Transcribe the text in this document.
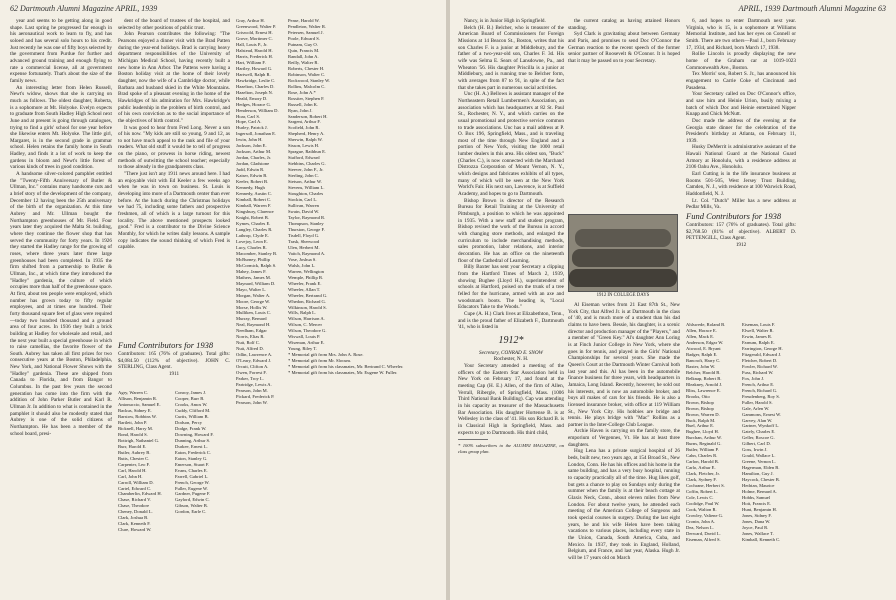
62 Dartmouth Alumni Magazine APRIL, 1939

year and seems to be getting along in good shape. Last spring he progressed far enough in his aeronautical work to learn to fly, and has soloed and has several solo hours to his credit. Just recently he was one of fifty boys selected by the government from Purdue for further and advanced ground training and enough flying to rate a commercial license, all at government expense fortunately. That's about the size of the family news.

An interesting letter from Helen Russell, Newt's widow, shows that she is carrying on much as follows. The oldest daughter, Roberta, is a sophomore at Mt. Holyoke. Evelyn expects to graduate from South Hadley High School next June and at present is going through catalogues, trying to find a girls' school for one year before she likewise enters Mt. Holyoke. The little girl, Margaret, is in the second grade in grammar school. Helen retains the family home in South Hadley, and finds it a lot of work to keep the gardens in bloom and Newt's little forest of various kinds of trees in good condition.

A handsome silver-colored pamphlet entitled the "Twenty-Fifth Anniversary of Butler & Ullman, Inc." contains many handsome cuts and a brief story of the development of the company, December 12 having been the 25th anniversary of the birth of the organization. At this time Aubrey and Mr. Ullman bought the Northampton greenhouses of Mr. Field. Four years later they acquired the Malta St. building, where they continue the flower shop that has served the community for forty years. In 1926 they started the Hadley range for the growing of roses, where three years later three large greenhouses had been completed. In 1935 the firm shifted from a partnership to Butler & Ullman, Inc., at which time they introduced the "Hadley" gardenia, the culture of which occupies more than half of the greenhouse space. At first, about ten people were employed, which number has grown today to fifty regular employees, and at times one hundred. Their forty thousand square feet of glass were required—today two hundred thousand and a ground area of four acres. In 1936 they built a brick building at Hadley for wholesale and retail, and the next year built a special greenhouse in which to raise camellias, the favorite flower of the South. Aubrey has taken all first prizes for two consecutive years at the Boston, Philadelphia, New York, and National Flower Shows with the "Hadley" gardenia. These are shipped from Canada to Florida, and from Bangor to Columbus. In the past few years the second generation has come into the firm with the addition of John Parker Butler and Karl R. Ullman Jr. In addition to what is contained in the pamphlet it should also be modestly stated that Aubrey is one of the solid citizens of Northampton. He has been a member of the school board, presi-

dent of the board of trustees of the hospital, and selected by other positions of public trust.

John Pearson contributes the following: "The Pearsons enjoyed a dinner visit with the Brad Patten during the year-end holidays. Brad is carrying heavy department responsibilities of the University of Michigan Medical School, having recently built a new home in Ann Arbor. The Pattens were having a Boston holiday visit at the home of their lovely daughter, now the wife of a Cambridge doctor, while Barbara and husband skied in the White Mountains. Brad spoke of a pleasant evening in the home of the Hawkridges of his admiration for Mrs. Hawkridge's public leadership in the problem of birth control, and of his own conviction as to the social importance of the objectives of birth control."

It was good to hear from Fred Long. Never a son of his now. "My kids are still so young, 9 and 12, as to not have much appeal to the rank and file of your readers. What old stuff it would be to tell of progress on the piano, or prowess in horse riding, newest methods of outwitting the school teacher; especially to those already in the grandparents class.

"There just isn't any 1911 news around here. I had an enjoyable visit with Ed Keeler a few weeks ago when he was in town on business. St. Louis is developing into more of a Dartmouth center than ever before. At the lunch during the Christmas holidays we had 75, including some fathers and prospective freshmen, all of which is a large turnout for this locality. The above mentioned prospects looked good." Fred is a contributor to the Divine Science Monthly, for which he writes daily lessons. A sample copy indicates the sound thinking of which Fred is capable.

Fund Contributors for 1938

Contributors: 165 (76% of graduates). Total gifts: $4,084.50 (112% of objective). JOHN C. STERLING, Class Agent.

1911

Agry, Warren C.
Allison, Benjamin R.
Antonuccio, Samuel E.
Backus, Sidney E.
Barstow, Robbins W.
Bartlett, John P.
Bicknell, Harry M.
Bond, Harold S.
Bottrigh, Nathaniel G.
Burr, Harold E.
Butler, Aubrey B.
Butts, Chester C.
Carpenter, Leo F.
Carl, Harold H.
Carl, John H.
Carroll, William D.
Cartel, Edward C.
Chamberlin, Edward H.
Chase, Richard V.
Chase, Theodore
Cheney, Donald L.
Clark, Joshua B.
Clark, Kenneth F.
Clure, Howard W.
Conroy, James J.
Cooper, Burr B.
Crooks, Amos W.
Cuddy, Clifford M.
Curtis, William B.
Dodson, Percy
Dodge, Frank W.
Downing, Howard F.
Dunning, Arthur S.
Durkee, Ernest L.
Eaton, Frederick C.
Eaton, Stanley G.
Emerson, Stuart F.
Evans, Charles E.
Farrell, Gabriel L.
French, George W.
Fuller, Eugene W.
Gardner, Pugene F.
Gaylord, Edwin C.
Gibson, Walter B.
Gordon, Earle C.
Gray, Arthur H.
Greenwood, Walter P.
Griswold, Ernest H.
Grove, Mortimer C.
Hall, Louis P., Jr.
Halstead, Harold H.
Harris, Frederick H.
Hart, William F.
Hartley, Howard G.
Hartwell, Ralph R.
Hawkridge, Leslie C.
Hazelton, Charles D.
Hazelton, Joseph N.
Heald, Emory D.
Hedges, Horace G.
Henderson, William D.
Hoar, Carl S.
Hope, Carl A.
Hurley, Patrick J.
Ingersoll, Jonathan E.
Irwin, John H.
Jackson, John E.
Jackson, Arthur M.
Jordan, Charles, Jr.
Jordan, Gladstone
Judd, Edwin R.
Kaiser, Edwin B.
Keeler, Robert B.
Kennedy, Hugh
Kennedy, Austin C.
Kimball, Robert C.
Kimball, Warren F.
Kingsbury, Clarence
Knight, Robert B.
Kymes, Charles E.
Langley, Charles R.
Lathrop, Clyde E.
Lovejoy, Leon E.
Lucy, Charles R.
Macomber, Stanley B.
McBurney, Phillip
McCormick, Ralph S.
Mahey, James F.
Mathers, James M.
Maynard, William D.
Mayo, Walter L.
Morgan, Walter A.
Moore, George W.
Morse, Hollis W.
Mulliken, Louis C.
Murray, Bernard
Neal, Raymond H.
Needham, Edgar
Norris, Elias R.
Nutt, Rolf C.
Nutt, Alfred D.
Odlin, Lawrence A.
O'Leary, Edward J.
Orcutt, Clifton A.
Owen, Forrest F.
Parker, Troy L.
Partridge, Lewis A.
Pearson, John M.
Pickard, Frederick P.
Pearson, John W.
Pease, Harold W.
Pendleton, Walter R.
Petersen, Samuel J.
Poole, Edward S.
Putnam, Guy O.
Quin, Francis M.
Randall, John A.
Reilly, Walter R.
Roberts, Chester H.
Robinson, Walter C.
Rockwood, Stanley W.
Rollins, Malcolm C.
Rose, John A.*
Rossiter, Stephen F.
Russell, John K.
Ryan, John J.
Sanderson, Robert H.
Sargent, Arthur F.
Scofield, John R.
Shepherd, Henry A.
Sherwin, Ralph W.
Sisson, Lewis H.
Sprague, Rathbun E.
Stafford, Edward
Stebbins, Charles G.
Steever, John F., Jr.
Sterling, John C.
Stetson, Arthur W.
Stevens, William L.
Stoughton, Charles
Stockin, Carl L.
Sullivan, Warren
Swain, David W.
Taylor, Raymond R.
Thompson, Stanley
Thurston, George F.
Tisdell, Floyd G.
Trask, Sherwood
Ulen, Herbert M.
Vaitch, Raymond A.
Vose, Joshua S.
Walsh, John L.
Warren, Wellington
Wemple, Phillip B.
Wheeler, Frank E.
Wheeler, Allan T.
Wheeler, Bertrand G.
Whedon, Richard G.
Wilkinson, Harold S.
Wills, Ralph L.
Wilson, Harrison A.
Wilson, C. Mercer
Wilson, Theodore G.
Wiswall, Louis P.
Wiseman, Arthur E.
Young, Riley T.
* Memorial gift from Mrs. John A. Rose.
* Memorial gift from Mr. Slocum.
* Memorial gift from his classmates, Mr. Bertrand C. Wheeler.
* Memorial gift from his classmates, Mr. Eugene W. Fuller.
APRIL, 1939 Dartmouth Alumni Magazine 63

Nancy, is in Junior High in Springfield.

Belch (H. B.) Belcher, who is treasurer of the American Board of Commissioners for Foreign Missions at 14 Beacon St., Boston, writes that his son Charles F. is a junior at Middlebury, and the father of a two-year-old son, Charles F. 3d. His wife was Selma E. Sears of Lansdowne, Pa., and Wheaton '56. His daughter Priscilla is a junior at Middlebury, and is running true to Belcher form, with averages from 87 to 91, in spite of the fact that she takes part in numerous social activities.

Unc (H. A.) Bellows is assistant manager of the Northeastern Retail Lumbermen's Association, an association which has headquarters at 82 St. Paul St., Rochester, N. Y., and which carries on the usual promotional and protective service common to trade associations. Unc has a mail address at P. O. Box 196, Springfield, Mass., and is traveling most of the time through New England and a portion of New York, visiting the 1000 retail lumber dealers in this area. His oldest son, "Buck" (Charles C.), is now connected with the Marchand Distrozza Corporation of Mount Vernon, N. Y., which designs and fabricates exhibits of all types, many of which will be seen at the New York World's Fair. His next son, Lawrence, is at Suffield Academy, and hopes to go to Dartmouth.

Bishop Brown is director of the Research Bureau for Retail Training at the University of Pittsburgh, a position to which he was appointed in 1935. With a new staff and student program, Bishop revised the work of the Bureau in accord with changing store methods, and enlarged the curriculum to include merchandising methods, sales promotion, labor relations, and interior decoration. He has an office on the nineteenth floor of the Cathedral of Learning.

Billy Baxter has sent your Secretary a clipping from the Hartford Times of March 2, 1939, showing Bughee (Lloyd H.), superintendent of schools at Hartford, poised on the trunk of a tree felled for the hurricane, armed with an axe and woodsman's boots. The heading is, "Local Educators Take to the Woods."

Cupe (A. H.) Clark lives at Elizabethton, Tenn., and is the proud father of Elizabeth F., Dartmouth '41, who is listed in

1912*

Secretary, CONRAD E. SNOW

Rochester, N. H.

Your Secretary attended a meeting of the officers of the Eastern Star Association held in New York on February 17, and found at the meeting Cap (H. E.) Allen, of the firm of Allen, Verrall, Ribergle, of Springfield, Mass. (1006 Third National Bank Building). Cap was attending in his capacity as treasurer of the Massachusetts Bar Association. His daughter Hortense B. is at Wellesley in the class of '41. His son Richard B. is in Classical High in Springfield, Mass. and expects to go to Dartmouth. His third child,

* 100% subscribers to the ALUMNI MAGAZINE, on class group plan.

the current catalog as having attained Honors standing.

Syd Clark is gravitating about between Germany and Paris, and promises to send Doc O'Connor the German reaction to the recent speech of the former senior partner of Roosevelt & O'Connor. It is hoped that it may be passed on to your Secretary.

1912 IN COLLEGE DAYS

Al Eiseman writes from 21 East 87th St., New York City, that Alfred Jr. is at Dartmouth in the class of '40, and is much more of a student than his dad claims to have been. Bessie, his daughter, is a scenic director and production manager of the "Players," and a member of "Green Key." Al's daughter Ann Loring is at Finch Junior College in New York, where she goes in for tennis, and played in the Girls' National Championships for several years. She made the Queen's Court at the Dartmouth Winter Carnival both last year and this. Al has been in the automobile finance business for three years, with headquarters in Jamaica, Long Island. Recently, however, he sold out his interests, and is now an automobile broker, and buys all makes of cars for his friends. He is also a licensed insurance broker, with office at 119 William St., New York City. His hobbies are bridge and tennis. He plays bridge with "Mac" Rollins as a partner in the Inter-College Club League.

Archie Haven is carrying on the family store, the emporium of Vergennes, Vt. He has at least three daughters.

Hug Lena has a private surgical hospital of 26 beds, built new, two years ago, at 154 Broad St., New London, Conn. He has his offices and his home in the same building, and has a very busy hospital, running to capacity practically all of the time. Hug likes golf, but gets a chance to play on Sundays only during the summer when the family is at their beach cottage at Glaxis Neck, Conn., about eleven miles from New London. For about twelve years, he attended each meeting of the American College of Surgeons and took special courses in surgery. During the last eight years, he and his wife Helen have been taking vacations to various places, including every state in the Union, Canada, South America, Cuba, and Mexico. In 1937, they took in England, Holland, Belgium, and France, and last year, Alaska. Hugh Jr. will be 17 years old on March

6, and hopes to enter Dartmouth next year. Virginia, who is 15, is a sophomore at Williams Memorial Institute, and has her eyes on Connell or Smith. There are two others—Paul J., born February 17, 1934, and Richard, born March 17, 1938.

Rollie Lincoln is proudly displaying the new home of the Graham car at 1019-1023 Commonwealth Ave., Boston.

Tex Morris' son, Robert S. Jr., has announced his engagement to Carrie Coke of Cincinnati and Pasadena.

Your Secretary called on Doc O'Connor's office, and saw him and Heinie Urion, busily mixing a batch of which Doc and Heinie entertained Nipper Knapp and Chick McNutt.

Doc made the address of the evening at the Georgia state dinner for the celebration of the President's birthday at Atlanta, on February 11, 1939.

Husky DeMerrit is administrative assistant of the Hawaii National Guard at the National Guard Armory at Honolulu, with a residence address at 2106 Oahu Ave., Honolulu.

Earl Cutting is in the life insurance business at Rooms 501-505, West Jersey Trust Building, Camden, N. J., with residence at 100 Warwick Road, Haddonfield, N. J.

Lt. Col. "Dutch" Miller has a new address at Pedlar Mills, Va.

Fund Contributors for 1938

Contributors: 157 (76% of graduates). Total gifts: $2,768.50 (81% of objective). ALBERT D. PETTENGILL, Class Agent.

1912

Ahlswede, Roland B.
Allen, Horace E.
Allen, Mack E.
Anderson, Edgar W.
Atwood, E. Bryant
Badger, Ralph E.
Bancroft, Harry C.
Baxter, John W.
Belcher, Harold B.
Belknap, Robert B.
Bleakney, Arnold J.
Bliss, Lawrence E.
Brooks, Otto
Brown, Bishop
Brown, Bishop
Brown, Warren D.
Buck, Ralph M.
Buel, Arthur E.
Bughee, Lloyd H.
Burchan, Arthur W.
Burns, Reginald G.
Butler, William P.
Cahn, Charles R.
Carlon, Harold B.
Carlo, Arthur E.
Clark, Fletcher, Jr.
Clark, Sydney F.
Cochrane, Herbert S.
Coffin, Robert L.
Cole, Lewis C.
Coolidge, Paul W.
Cook, Walton R.
Crowley, Valiene G.
Cronin, John A.
Dea, Nelson L.
Derward, David L.
Eiseman, Alfred S.
Eiseman, Louis F.
Elwell, Walter R.
Erwin, James R.
Farnum, Ralph E.
Farrington, George H.
Fitzgerald, Edward J.
Fletcher, Robert D.
Fowler, Richard W.
Fuss, Richard W.
Fox, John J.
French, Arthur E.
French, Richard G.
Freudenberg, Roy S.
Fuller, Harold S.
Gale, Arlen W.
Gammons, Ernest W.
Garvey, Alan W.
Gartner, Wynkoff L.
Gately, Charles E.
Geller, Roscoe G.
Gilbert, Carl D.
Goss, Irwin J.
Gould, Wallace L.
Greene, Vernon L.
Hagerman, Elden B.
Hamilton, Guy J.
Haycock, Chester B.
Hedrian, Maurice
Holme, Bernard A.
Hobbs, Samuel
Hoit, Francis E.
Hunt, Benjamin H.
Jones, Sidney F.
Jones, Dana W.
Joyce, Paul R.
Jones, Wallace T.
Kimball, Kenneth C.
